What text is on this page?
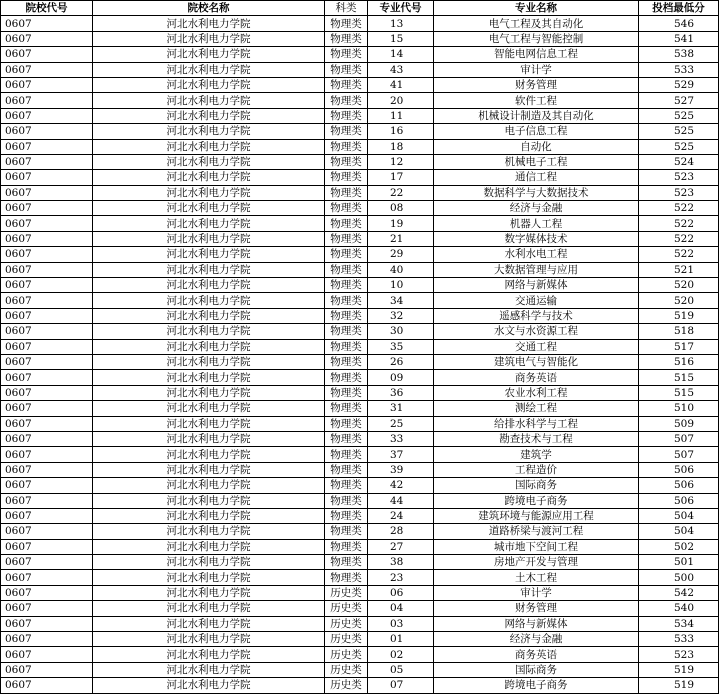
院校代号	院校名称	科类	专业代号	专业名称	投档最低分
0607	河北水利电力学院	物理类	13	电气工程及其自动化	546
0607	河北水利电力学院	物理类	15	电气工程与智能控制	541
0607	河北水利电力学院	物理类	14	智能电网信息工程	538
0607	河北水利电力学院	物理类	43	审计学	533
0607	河北水利电力学院	物理类	41	财务管理	529
0607	河北水利电力学院	物理类	20	软件工程	527
0607	河北水利电力学院	物理类	11	机械设计制造及其自动化	525
0607	河北水利电力学院	物理类	16	电子信息工程	525
0607	河北水利电力学院	物理类	18	自动化	525
0607	河北水利电力学院	物理类	12	机械电子工程	524
0607	河北水利电力学院	物理类	17	通信工程	523
0607	河北水利电力学院	物理类	22	数据科学与大数据技术	523
0607	河北水利电力学院	物理类	08	经济与金融	522
0607	河北水利电力学院	物理类	19	机器人工程	522
0607	河北水利电力学院	物理类	21	数字媒体技术	522
0607	河北水利电力学院	物理类	29	水利水电工程	522
0607	河北水利电力学院	物理类	40	大数据管理与应用	521
0607	河北水利电力学院	物理类	10	网络与新媒体	520
0607	河北水利电力学院	物理类	34	交通运输	520
0607	河北水利电力学院	物理类	32	遥感科学与技术	519
0607	河北水利电力学院	物理类	30	水文与水资源工程	518
0607	河北水利电力学院	物理类	35	交通工程	517
0607	河北水利电力学院	物理类	26	建筑电气与智能化	516
0607	河北水利电力学院	物理类	09	商务英语	515
0607	河北水利电力学院	物理类	36	农业水利工程	515
0607	河北水利电力学院	物理类	31	测绘工程	510
0607	河北水利电力学院	物理类	25	给排水科学与工程	509
0607	河北水利电力学院	物理类	33	勘查技术与工程	507
0607	河北水利电力学院	物理类	37	建筑学	507
0607	河北水利电力学院	物理类	39	工程造价	506
0607	河北水利电力学院	物理类	42	国际商务	506
0607	河北水利电力学院	物理类	44	跨境电子商务	506
0607	河北水利电力学院	物理类	24	建筑环境与能源应用工程	504
0607	河北水利电力学院	物理类	28	道路桥梁与渡河工程	504
0607	河北水利电力学院	物理类	27	城市地下空间工程	502
0607	河北水利电力学院	物理类	38	房地产开发与管理	501
0607	河北水利电力学院	物理类	23	土木工程	500
0607	河北水利电力学院	历史类	06	审计学	542
0607	河北水利电力学院	历史类	04	财务管理	540
0607	河北水利电力学院	历史类	03	网络与新媒体	534
0607	河北水利电力学院	历史类	01	经济与金融	533
0607	河北水利电力学院	历史类	02	商务英语	523
0607	河北水利电力学院	历史类	05	国际商务	519
0607	河北水利电力学院	历史类	07	跨境电子商务	519
